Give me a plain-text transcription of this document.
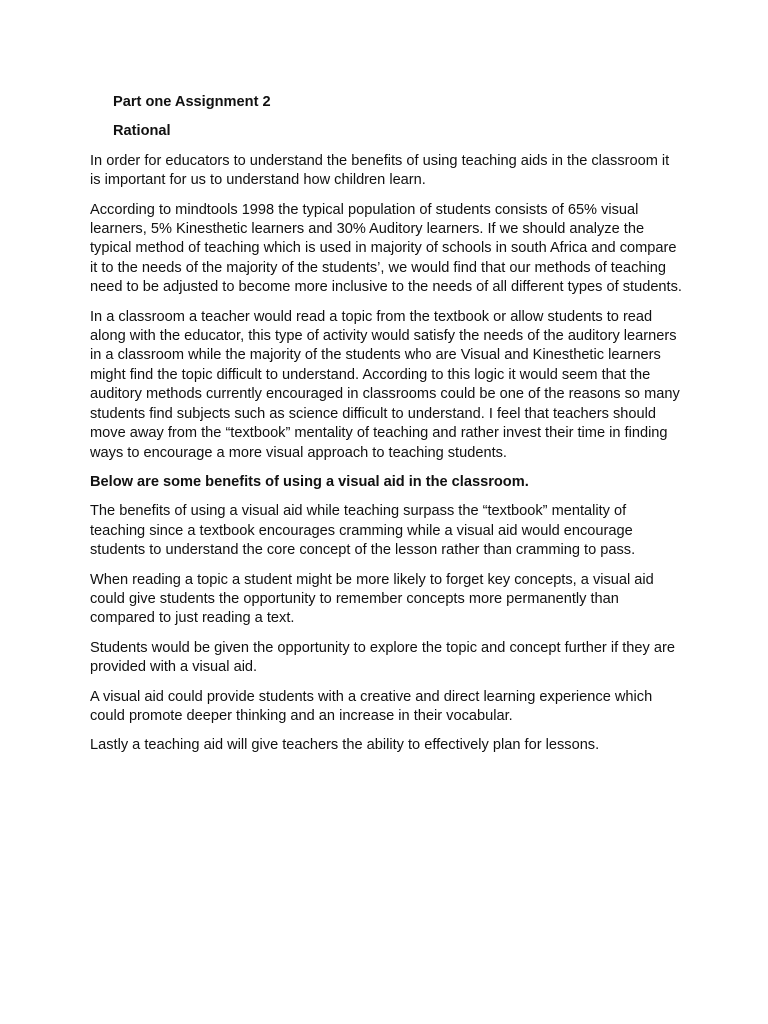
Part one Assignment 2
Rational

In order for educators to understand the benefits of using teaching aids in the classroom it is important for us to understand how children learn.

According to mindtools 1998 the typical population of students consists of 65% visual learners, 5% Kinesthetic learners and 30% Auditory learners. If we should analyze the typical method of teaching which is used in majority of schools in south Africa and compare it to the needs of the majority of the students’, we would find that our methods of teaching need to be adjusted to become more inclusive to the needs of all different types of students.

In a classroom a teacher would read a topic from the textbook or allow students to read along with the educator, this type of activity would satisfy the needs of the auditory learners in a classroom while the majority of the students who are Visual and Kinesthetic learners might find the topic difficult to understand. According to this logic it would seem that the auditory methods currently encouraged in classrooms could be one of the reasons so many students find subjects such as science difficult to understand. I feel that teachers should move away from the “textbook” mentality of teaching and rather invest their time in finding ways to encourage a more visual approach to teaching students.

Below are some benefits of using a visual aid in the classroom.

The benefits of using a visual aid while teaching surpass the “textbook” mentality of teaching since a textbook encourages cramming while a visual aid would encourage students to understand the core concept of the lesson rather than cramming to pass.

When reading a topic a student might be more likely to forget key concepts, a visual aid could give students the opportunity to remember concepts more permanently than compared to just reading a text.

Students would be given the opportunity to explore the topic and concept further if they are provided with a visual aid.

A visual aid could provide students with a creative and direct learning experience which could promote deeper thinking and an increase in their vocabular.

Lastly a teaching aid will give teachers the ability to effectively plan for lessons.
